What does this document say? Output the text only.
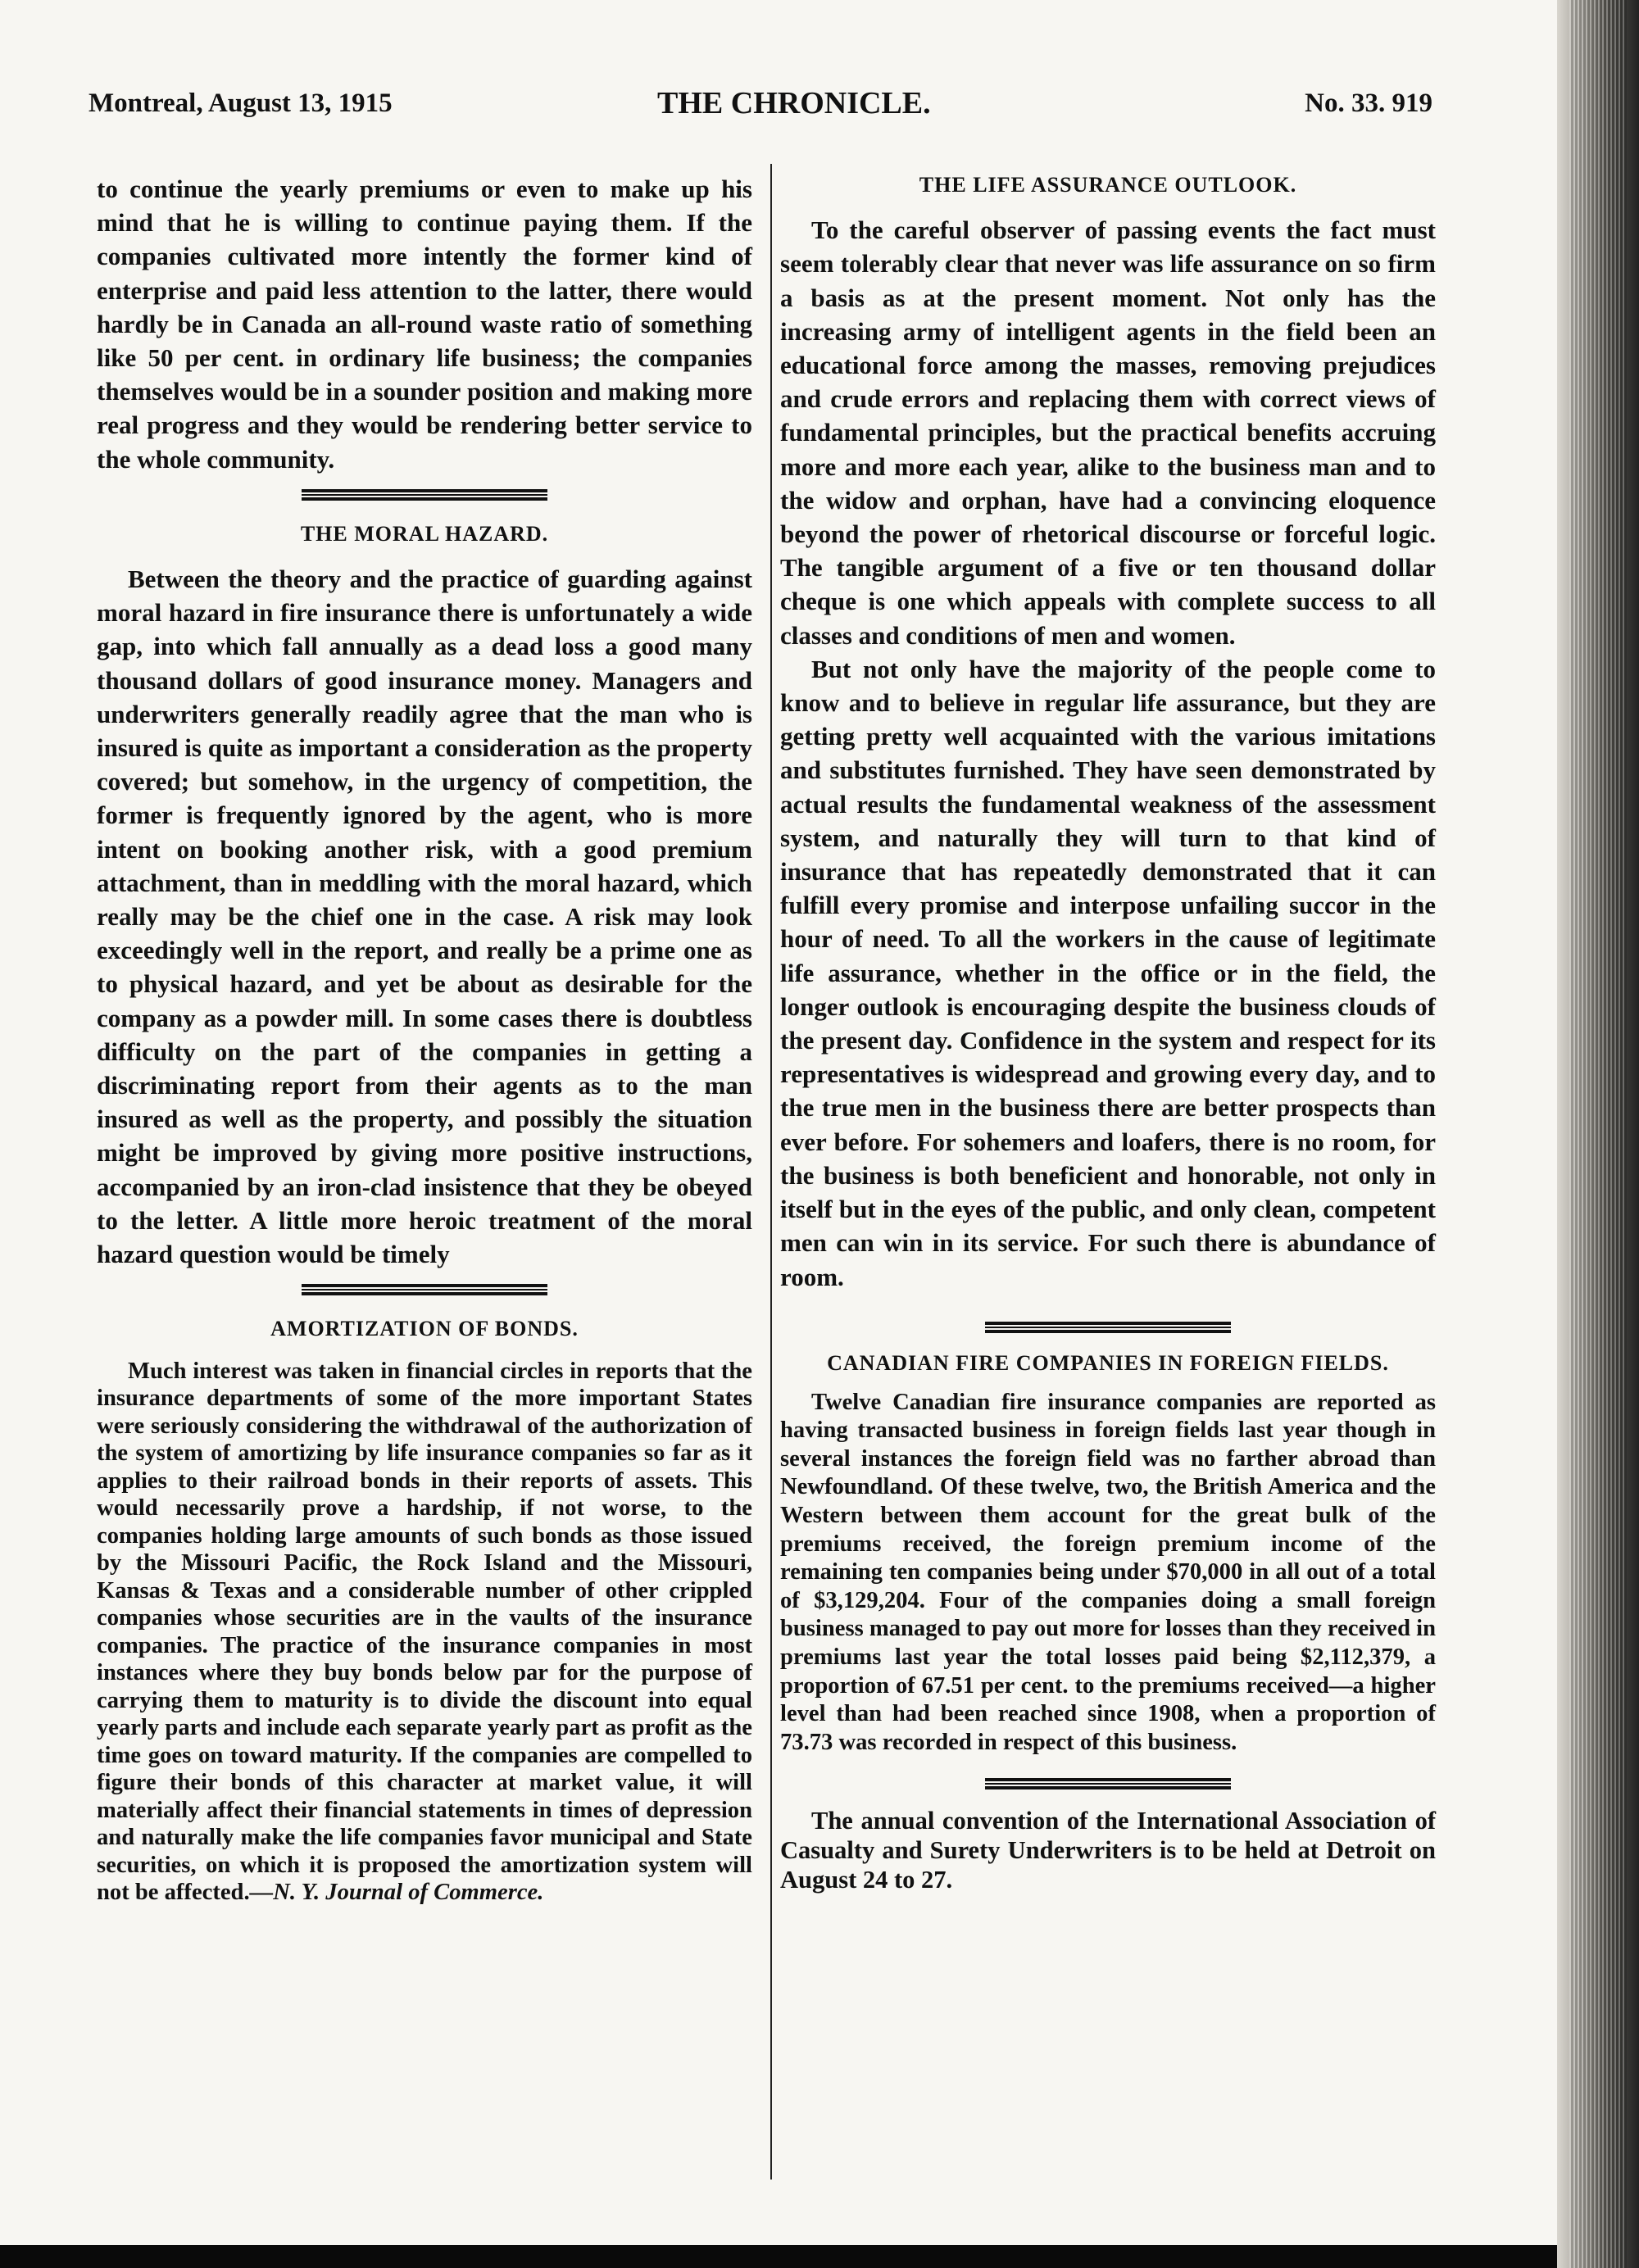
Montreal, August 13, 1915	THE CHRONICLE.	No. 33. 919

to continue the yearly premiums or even to make up his mind that he is willing to continue paying them. If the companies cultivated more intently the former kind of enterprise and paid less attention to the latter, there would hardly be in Canada an all-round waste ratio of something like 50 per cent. in ordinary life business; the companies themselves would be in a sounder position and making more real progress and they would be rendering better service to the whole community.

THE MORAL HAZARD.

Between the theory and the practice of guarding against moral hazard in fire insurance there is unfortunately a wide gap, into which fall annually as a dead loss a good many thousand dollars of good insurance money. Managers and underwriters generally readily agree that the man who is insured is quite as important a consideration as the property covered; but somehow, in the urgency of competition, the former is frequently ignored by the agent, who is more intent on booking another risk, with a good premium attachment, than in meddling with the moral hazard, which really may be the chief one in the case. A risk may look exceedingly well in the report, and really be a prime one as to physical hazard, and yet be about as desirable for the company as a powder mill. In some cases there is doubtless difficulty on the part of the companies in getting a discriminating report from their agents as to the man insured as well as the property, and possibly the situation might be improved by giving more positive instructions, accompanied by an iron-clad insistence that they be obeyed to the letter. A little more heroic treatment of the moral hazard question would be timely

AMORTIZATION OF BONDS.

Much interest was taken in financial circles in reports that the insurance departments of some of the more important States were seriously considering the withdrawal of the authorization of the system of amortizing by life insurance companies so far as it applies to their railroad bonds in their reports of assets. This would necessarily prove a hardship, if not worse, to the companies holding large amounts of such bonds as those issued by the Missouri Pacific, the Rock Island and the Missouri, Kansas & Texas and a considerable number of other crippled companies whose securities are in the vaults of the insurance companies. The practice of the insurance companies in most instances where they buy bonds below par for the purpose of carrying them to maturity is to divide the discount into equal yearly parts and include each separate yearly part as profit as the time goes on toward maturity. If the companies are compelled to figure their bonds of this character at market value, it will materially affect their financial statements in times of depression and naturally make the life companies favor municipal and State securities, on which it is proposed the amortization system will not be affected.—N. Y. Journal of Commerce.

THE LIFE ASSURANCE OUTLOOK.

To the careful observer of passing events the fact must seem tolerably clear that never was life assurance on so firm a basis as at the present moment. Not only has the increasing army of intelligent agents in the field been an educational force among the masses, removing prejudices and crude errors and replacing them with correct views of fundamental principles, but the practical benefits accruing more and more each year, alike to the business man and to the widow and orphan, have had a convincing eloquence beyond the power of rhetorical discourse or forceful logic. The tangible argument of a five or ten thousand dollar cheque is one which appeals with complete success to all classes and conditions of men and women.

But not only have the majority of the people come to know and to believe in regular life assurance, but they are getting pretty well acquainted with the various imitations and substitutes furnished. They have seen demonstrated by actual results the fundamental weakness of the assessment system, and naturally they will turn to that kind of insurance that has repeatedly demonstrated that it can fulfill every promise and interpose unfailing succor in the hour of need. To all the workers in the cause of legitimate life assurance, whether in the office or in the field, the longer outlook is encouraging despite the business clouds of the present day. Confidence in the system and respect for its representatives is widespread and growing every day, and to the true men in the business there are better prospects than ever before. For sohemers and loafers, there is no room, for the business is both beneficient and honorable, not only in itself but in the eyes of the public, and only clean, competent men can win in its service. For such there is abundance of room.

CANADIAN FIRE COMPANIES IN FOREIGN FIELDS.

Twelve Canadian fire insurance companies are reported as having transacted business in foreign fields last year though in several instances the foreign field was no farther abroad than Newfoundland. Of these twelve, two, the British America and the Western between them account for the great bulk of the premiums received, the foreign premium income of the remaining ten companies being under $70,000 in all out of a total of $3,129,204. Four of the companies doing a small foreign business managed to pay out more for losses than they received in premiums last year the total losses paid being $2,112,379, a proportion of 67.51 per cent. to the premiums received—a higher level than had been reached since 1908, when a proportion of 73.73 was recorded in respect of this business.

The annual convention of the International Association of Casualty and Surety Underwriters is to be held at Detroit on August 24 to 27.
